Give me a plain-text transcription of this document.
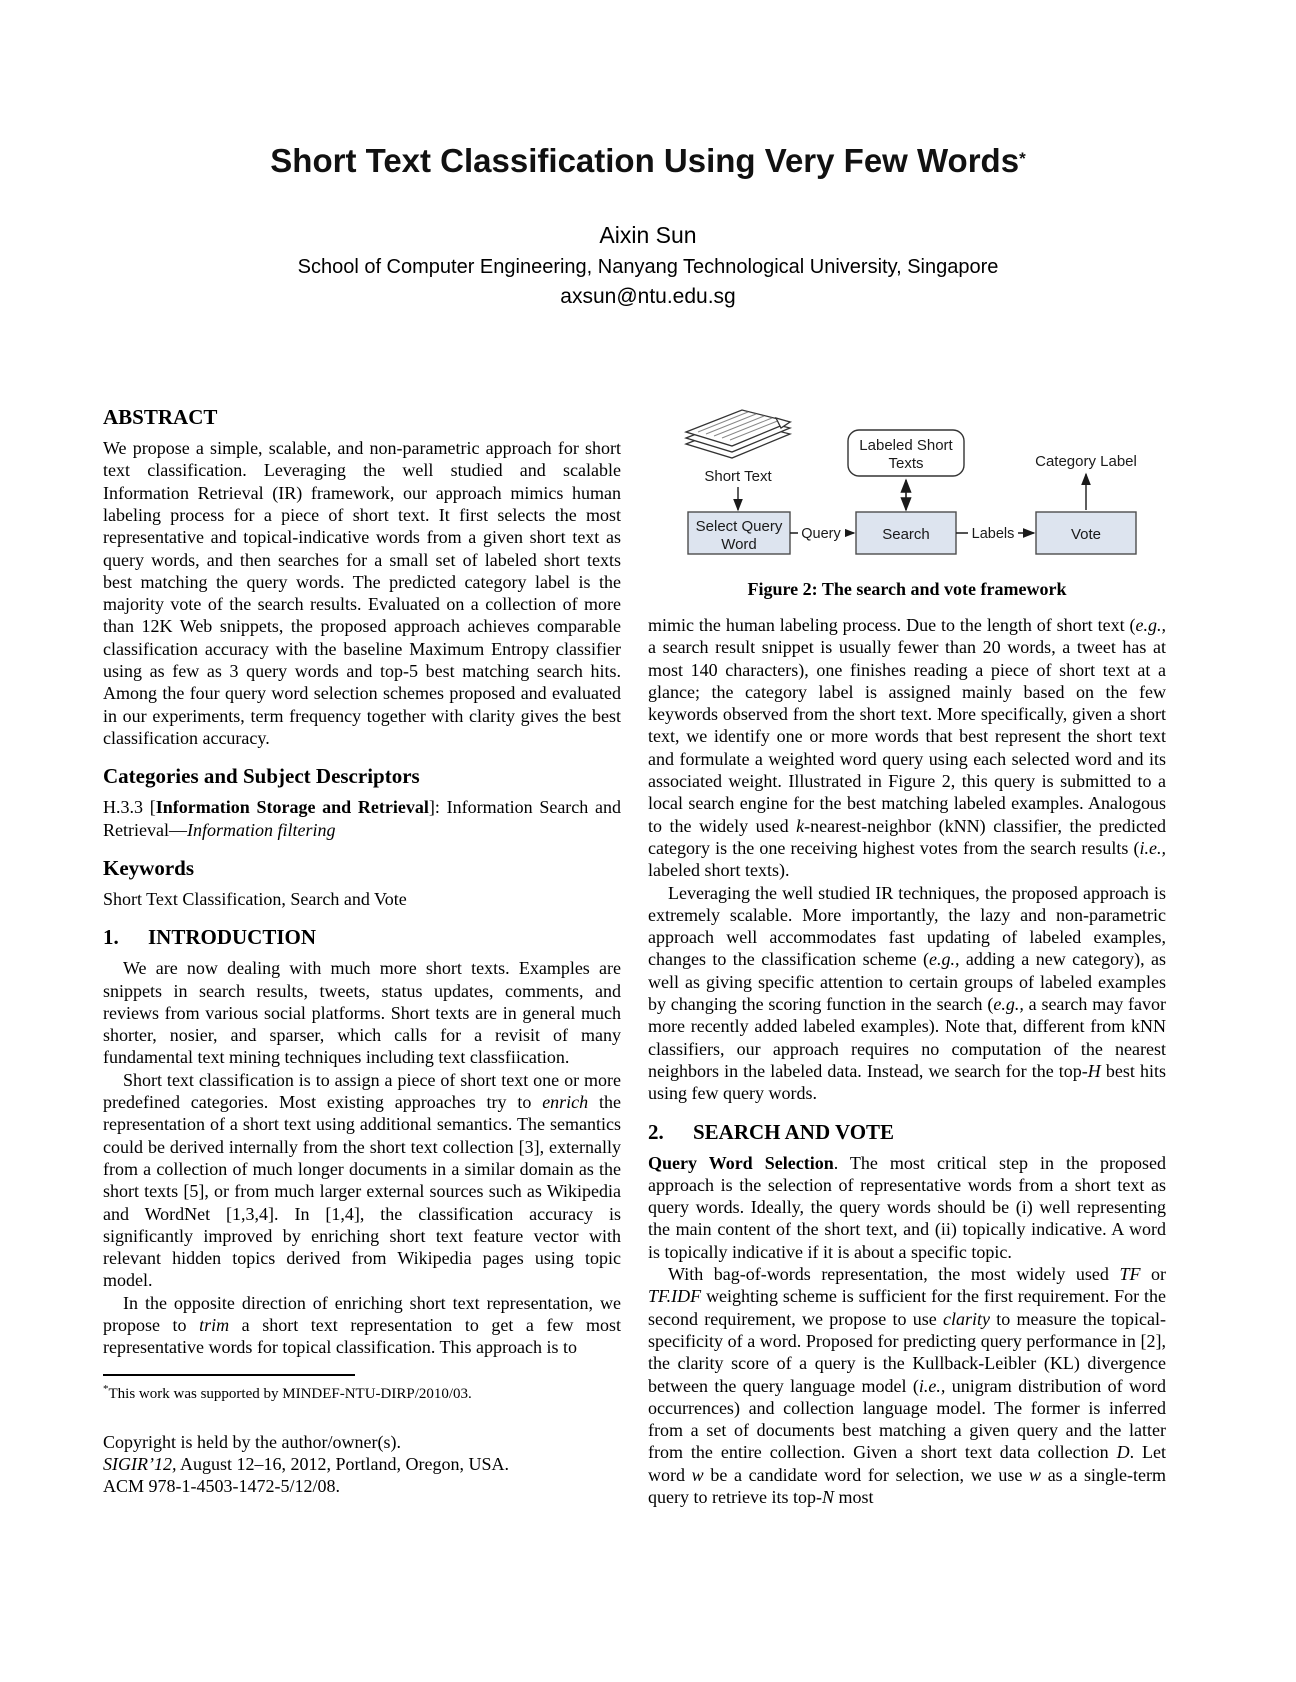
Short Text Classification Using Very Few Words*
Aixin Sun
School of Computer Engineering, Nanyang Technological University, Singapore
axsun@ntu.edu.sg
ABSTRACT

We propose a simple, scalable, and non-parametric approach for short text classification. Leveraging the well studied and scalable Information Retrieval (IR) framework, our approach mimics human labeling process for a piece of short text. It first selects the most representative and topical-indicative words from a given short text as query words, and then searches for a small set of labeled short texts best matching the query words. The predicted category label is the majority vote of the search results. Evaluated on a collection of more than 12K Web snippets, the proposed approach achieves comparable classification accuracy with the baseline Maximum Entropy classifier using as few as 3 query words and top-5 best matching search hits. Among the four query word selection schemes proposed and evaluated in our experiments, term frequency together with clarity gives the best classification accuracy.

Categories and Subject Descriptors

H.3.3 [Information Storage and Retrieval]: Information Search and Retrieval—Information filtering

Keywords

Short Text Classification, Search and Vote

1. INTRODUCTION

We are now dealing with much more short texts. Examples are snippets in search results, tweets, status updates, comments, and reviews from various social platforms. Short texts are in general much shorter, nosier, and sparser, which calls for a revisit of many fundamental text mining techniques including text classfiication.

Short text classification is to assign a piece of short text one or more predefined categories. Most existing approaches try to enrich the representation of a short text using additional semantics. The semantics could be derived internally from the short text collection [3], externally from a collection of much longer documents in a similar domain as the short texts [5], or from much larger external sources such as Wikipedia and WordNet [1,3,4]. In [1,4], the classification accuracy is significantly improved by enriching short text feature vector with relevant hidden topics derived from Wikipedia pages using topic model.

In the opposite direction of enriching short text representation, we propose to trim a short text representation to get a few most representative words for topical classification. This approach is to

*This work was supported by MINDEF-NTU-DIRP/2010/03.

Copyright is held by the author/owner(s).

SIGIR’12, August 12–16, 2012, Portland, Oregon, USA.

ACM 978-1-4503-1472-5/12/08.

Short Text
Labeled Short
Texts	Category Label
Select Query
Word
Search	Vote
Query	Labels
Figure 2: The search and vote framework

mimic the human labeling process. Due to the length of short text (e.g., a search result snippet is usually fewer than 20 words, a tweet has at most 140 characters), one finishes reading a piece of short text at a glance; the category label is assigned mainly based on the few keywords observed from the short text. More specifically, given a short text, we identify one or more words that best represent the short text and formulate a weighted word query using each selected word and its associated weight. Illustrated in Figure 2, this query is submitted to a local search engine for the best matching labeled examples. Analogous to the widely used k-nearest-neighbor (kNN) classifier, the predicted category is the one receiving highest votes from the search results (i.e., labeled short texts).

Leveraging the well studied IR techniques, the proposed approach is extremely scalable. More importantly, the lazy and non-parametric approach well accommodates fast updating of labeled examples, changes to the classification scheme (e.g., adding a new category), as well as giving specific attention to certain groups of labeled examples by changing the scoring function in the search (e.g., a search may favor more recently added labeled examples). Note that, different from kNN classifiers, our approach requires no computation of the nearest neighbors in the labeled data. Instead, we search for the top-H best hits using few query words.

2. SEARCH AND VOTE

Query Word Selection. The most critical step in the proposed approach is the selection of representative words from a short text as query words. Ideally, the query words should be (i) well representing the main content of the short text, and (ii) topically indicative. A word is topically indicative if it is about a specific topic.

With bag-of-words representation, the most widely used TF or TF.IDF weighting scheme is sufficient for the first requirement. For the second requirement, we propose to use clarity to measure the topical-specificity of a word. Proposed for predicting query performance in [2], the clarity score of a query is the Kullback-Leibler (KL) divergence between the query language model (i.e., unigram distribution of word occurrences) and collection language model. The former is inferred from a set of documents best matching a given query and the latter from the entire collection. Given a short text data collection D. Let word w be a candidate word for selection, we use w as a single-term query to retrieve its top-N most
